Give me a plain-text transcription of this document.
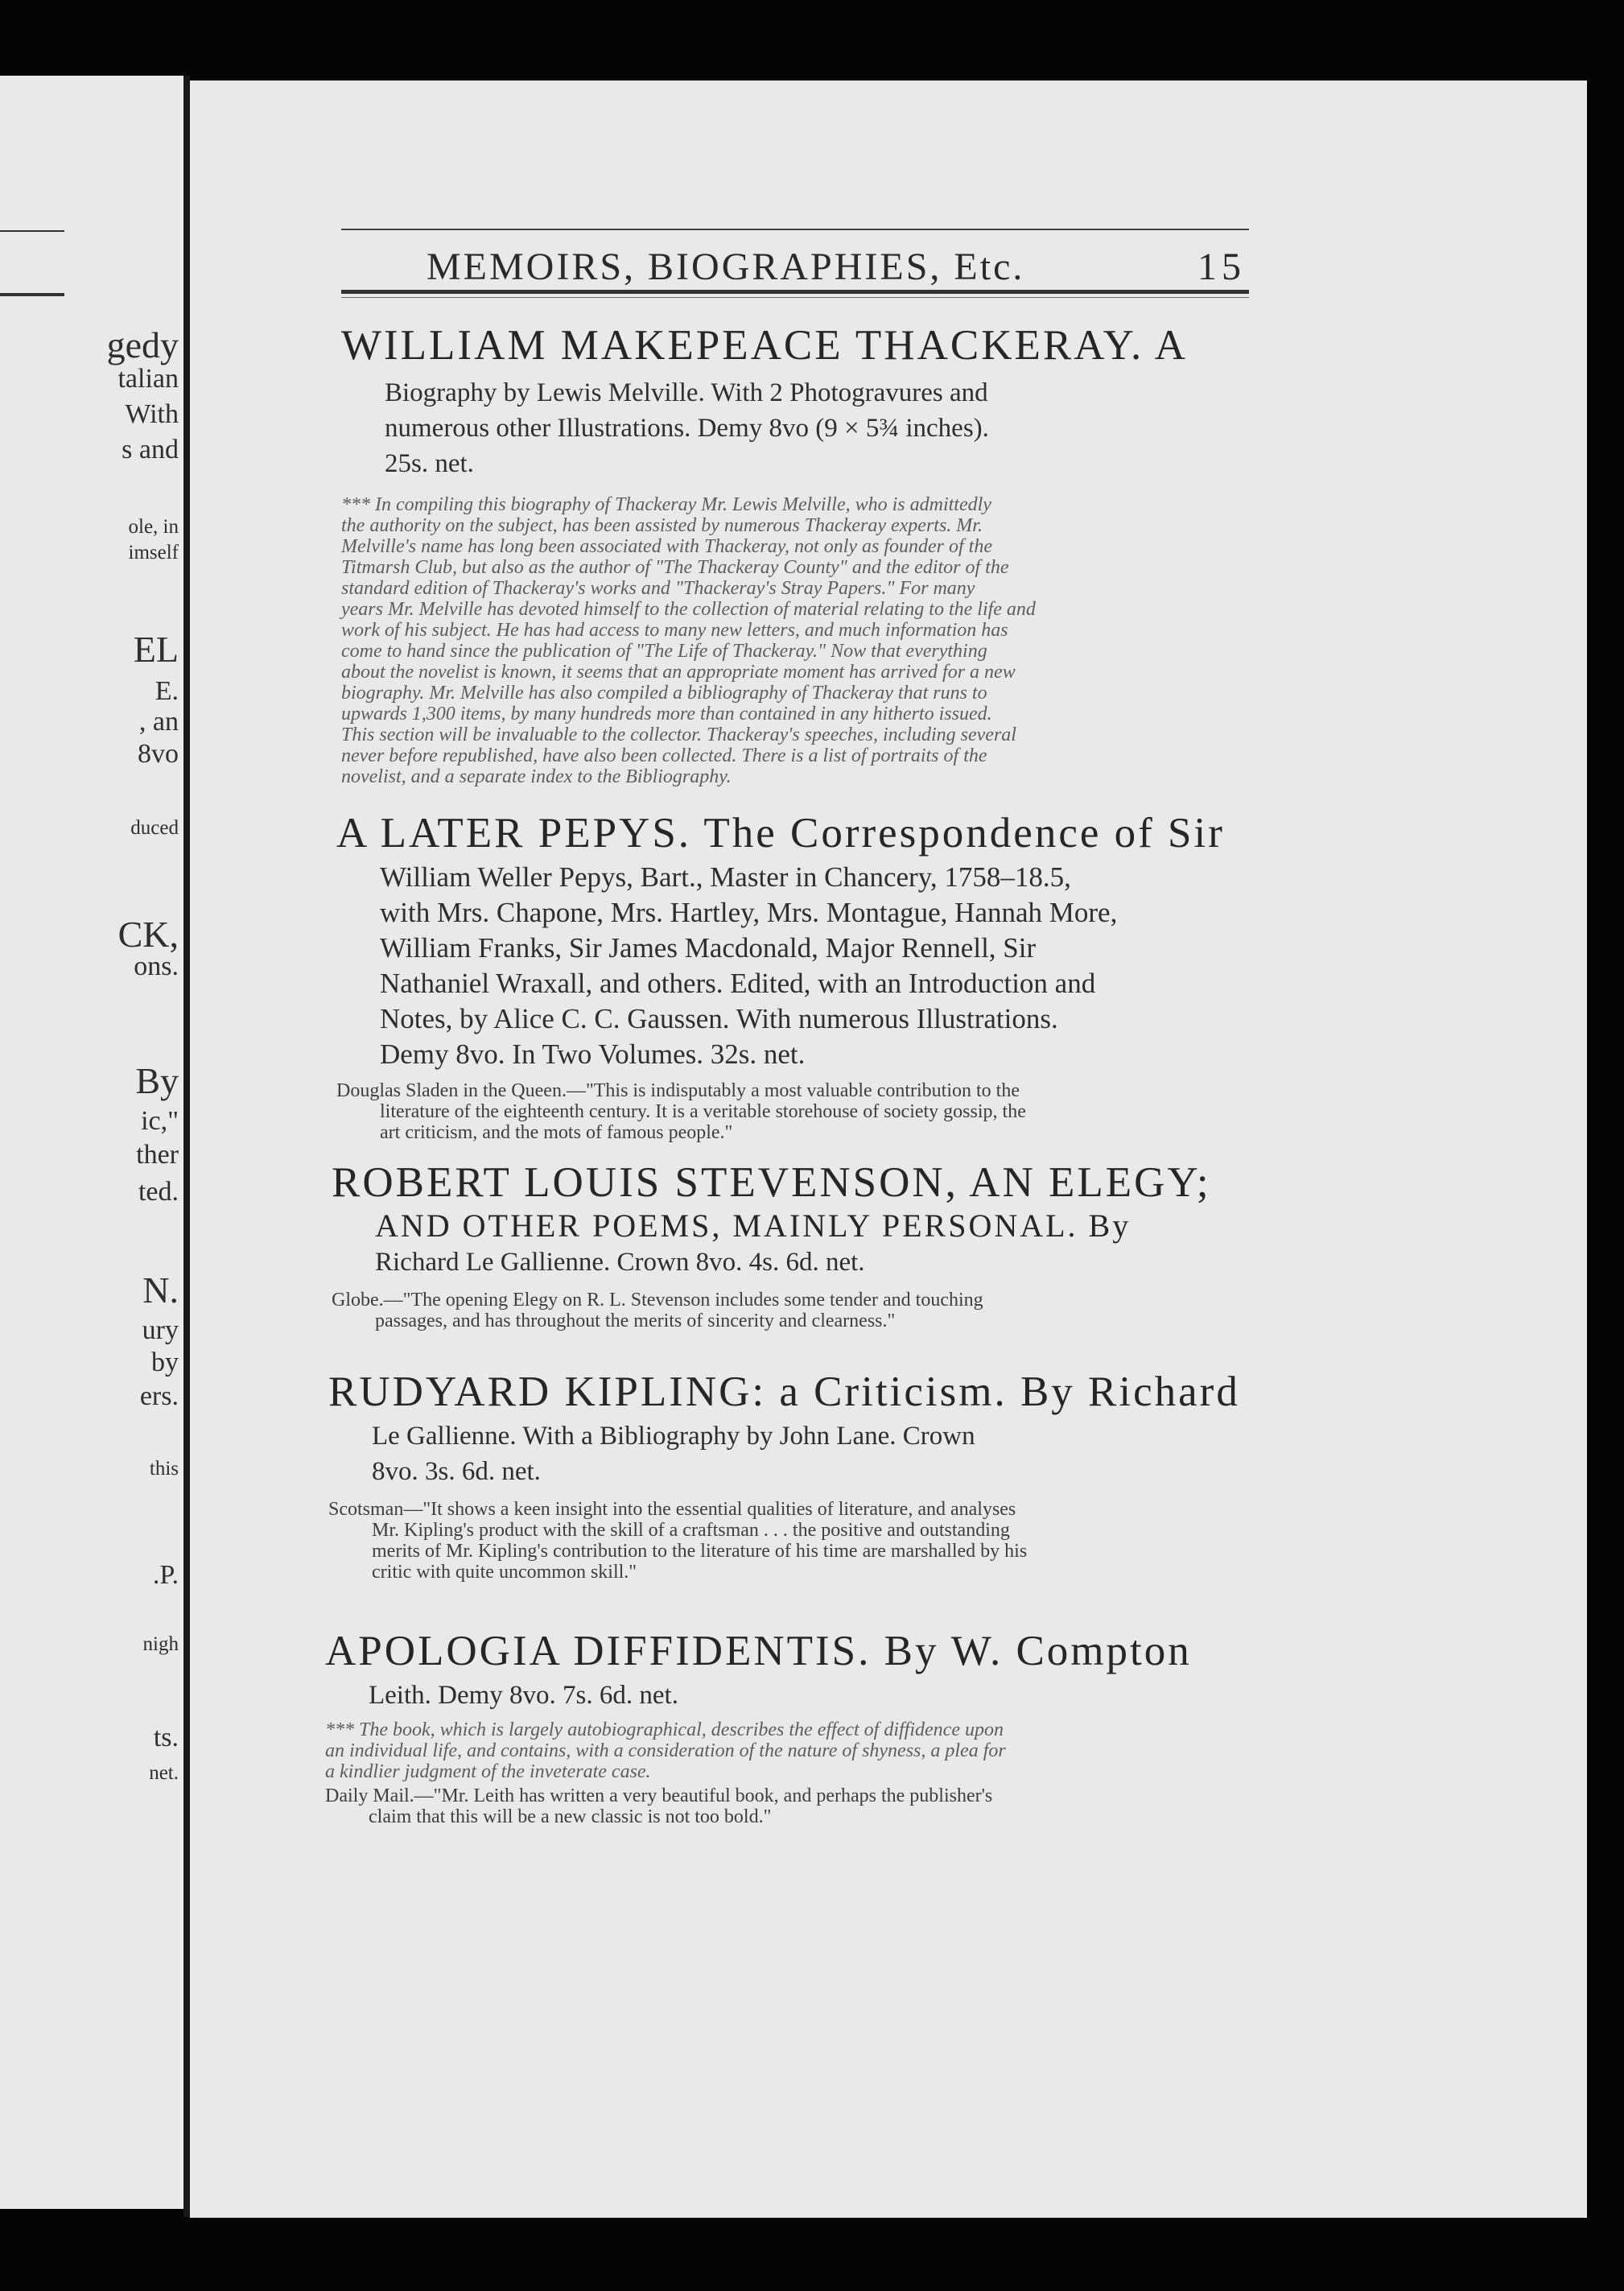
gedy
talian
With
s and
ole, in
imself
EL
E.
, an
8vo
duced
CK,
ons.
By
ic,"
ther
ted.
N.
ury
by
ers.
this
.P.
nigh
ts.
net.
MEMOIRS, BIOGRAPHIES, Etc.	15
WILLIAM MAKEPEACE THACKERAY. A
Biography by Lewis Melville. With 2 Photogravures and
numerous other Illustrations. Demy 8vo (9 × 5¾ inches).
25s. net.
*** In compiling this biography of Thackeray Mr. Lewis Melville, who is admittedly
the authority on the subject, has been assisted by numerous Thackeray experts. Mr.
Melville's name has long been associated with Thackeray, not only as founder of the
Titmarsh Club, but also as the author of "The Thackeray County" and the editor of the
standard edition of Thackeray's works and "Thackeray's Stray Papers." For many
years Mr. Melville has devoted himself to the collection of material relating to the life and
work of his subject. He has had access to many new letters, and much information has
come to hand since the publication of "The Life of Thackeray." Now that everything
about the novelist is known, it seems that an appropriate moment has arrived for a new
biography. Mr. Melville has also compiled a bibliography of Thackeray that runs to
upwards 1,300 items, by many hundreds more than contained in any hitherto issued.
This section will be invaluable to the collector. Thackeray's speeches, including several
never before republished, have also been collected. There is a list of portraits of the
novelist, and a separate index to the Bibliography.
A LATER PEPYS. The Correspondence of Sir
William Weller Pepys, Bart., Master in Chancery, 1758–18.5,
with Mrs. Chapone, Mrs. Hartley, Mrs. Montague, Hannah More,
William Franks, Sir James Macdonald, Major Rennell, Sir
Nathaniel Wraxall, and others. Edited, with an Introduction and
Notes, by Alice C. C. Gaussen. With numerous Illustrations.
Demy 8vo. In Two Volumes. 32s. net.
Douglas Sladen in the Queen.—"This is indisputably a most valuable contribution to the
literature of the eighteenth century. It is a veritable storehouse of society gossip, the
art criticism, and the mots of famous people."
ROBERT LOUIS STEVENSON, AN ELEGY;
AND OTHER POEMS, MAINLY PERSONAL. By
Richard Le Gallienne. Crown 8vo. 4s. 6d. net.
Globe.—"The opening Elegy on R. L. Stevenson includes some tender and touching
passages, and has throughout the merits of sincerity and clearness."
RUDYARD KIPLING: a Criticism. By Richard
Le Gallienne. With a Bibliography by John Lane. Crown
8vo. 3s. 6d. net.
Scotsman—"It shows a keen insight into the essential qualities of literature, and analyses
Mr. Kipling's product with the skill of a craftsman . . . the positive and outstanding
merits of Mr. Kipling's contribution to the literature of his time are marshalled by his
critic with quite uncommon skill."
APOLOGIA DIFFIDENTIS. By W. Compton
Leith. Demy 8vo. 7s. 6d. net.
*** The book, which is largely autobiographical, describes the effect of diffidence upon
an individual life, and contains, with a consideration of the nature of shyness, a plea for
a kindlier judgment of the inveterate case.
Daily Mail.—"Mr. Leith has written a very beautiful book, and perhaps the publisher's
claim that this will be a new classic is not too bold."
